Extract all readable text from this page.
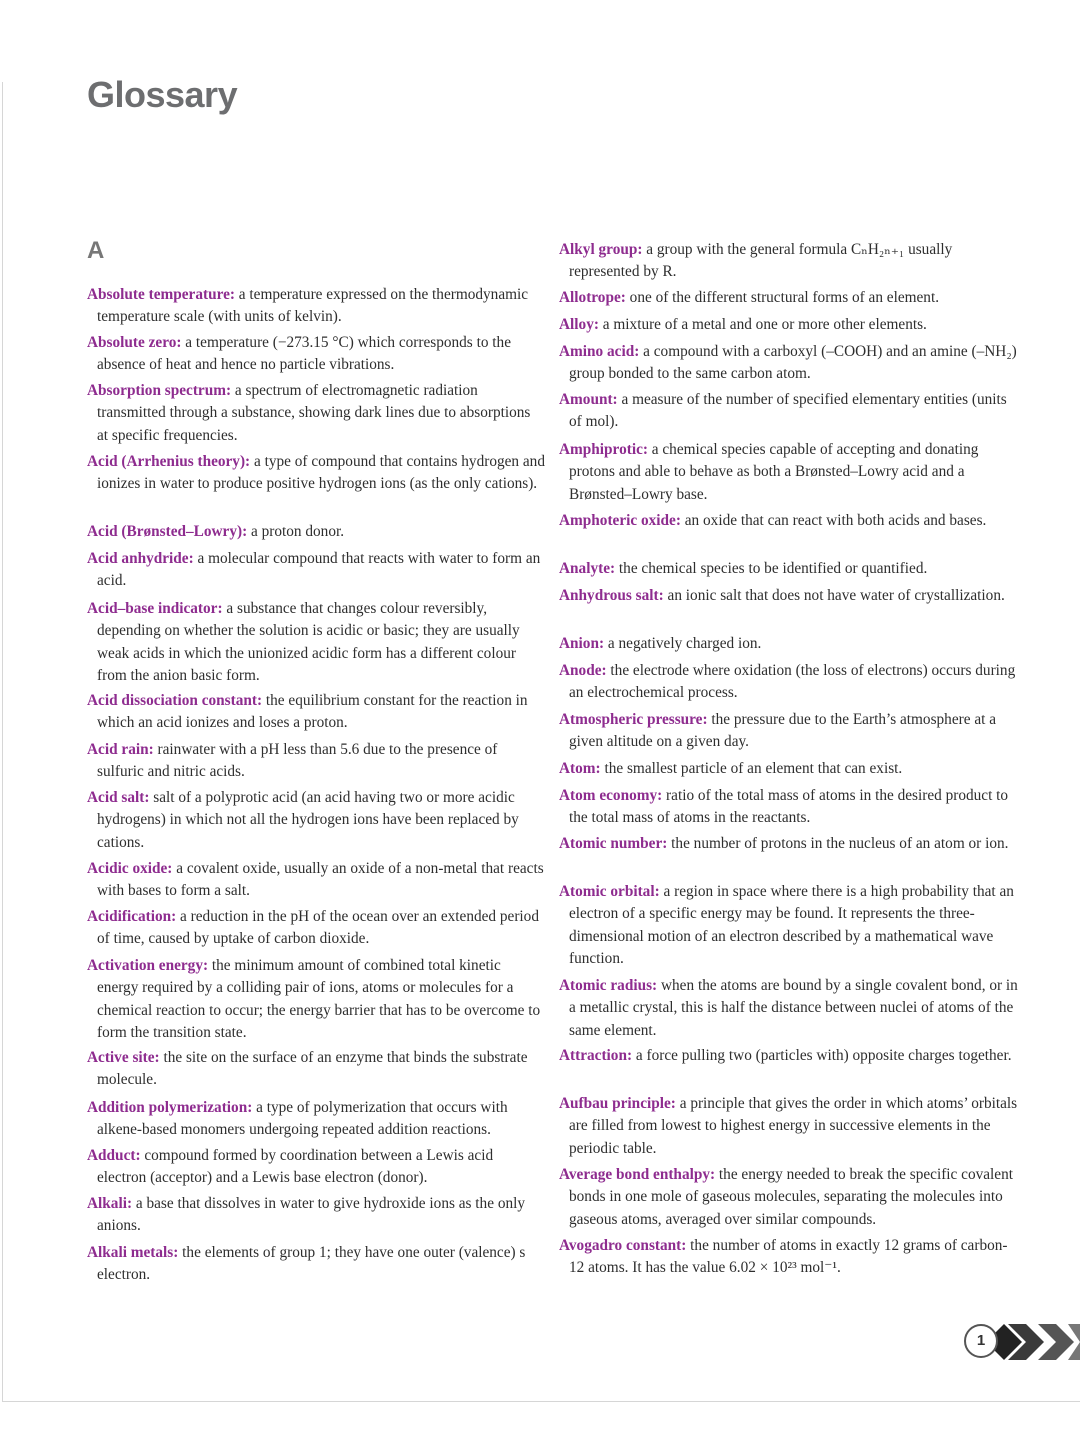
Glossary
A
Absolute temperature: a temperature expressed on the thermodynamic temperature scale (with units of kelvin).
Absolute zero: a temperature (−273.15 °C) which corresponds to the absence of heat and hence no particle vibrations.
Absorption spectrum: a spectrum of electromagnetic radiation transmitted through a substance, showing dark lines due to absorptions at specific frequencies.
Acid (Arrhenius theory): a type of compound that contains hydrogen and ionizes in water to produce positive hydrogen ions (as the only cations).
Acid (Brønsted–Lowry): a proton donor.
Acid anhydride: a molecular compound that reacts with water to form an acid.
Acid–base indicator: a substance that changes colour reversibly, depending on whether the solution is acidic or basic; they are usually weak acids in which the unionized acidic form has a different colour from the anion basic form.
Acid dissociation constant: the equilibrium constant for the reaction in which an acid ionizes and loses a proton.
Acid rain: rainwater with a pH less than 5.6 due to the presence of sulfuric and nitric acids.
Acid salt: salt of a polyprotic acid (an acid having two or more acidic hydrogens) in which not all the hydrogen ions have been replaced by cations.
Acidic oxide: a covalent oxide, usually an oxide of a non-metal that reacts with bases to form a salt.
Acidification: a reduction in the pH of the ocean over an extended period of time, caused by uptake of carbon dioxide.
Activation energy: the minimum amount of combined total kinetic energy required by a colliding pair of ions, atoms or molecules for a chemical reaction to occur; the energy barrier that has to be overcome to form the transition state.
Active site: the site on the surface of an enzyme that binds the substrate molecule.
Addition polymerization: a type of polymerization that occurs with alkene-based monomers undergoing repeated addition reactions.
Adduct: compound formed by coordination between a Lewis acid electron (acceptor) and a Lewis base electron (donor).
Alkali: a base that dissolves in water to give hydroxide ions as the only anions.
Alkali metals: the elements of group 1; they have one outer (valence) s electron.
Alkyl group: a group with the general formula CₙH₂ₙ₊₁ usually represented by R.
Allotrope: one of the different structural forms of an element.
Alloy: a mixture of a metal and one or more other elements.
Amino acid: a compound with a carboxyl (–COOH) and an amine (–NH₂) group bonded to the same carbon atom.
Amount: a measure of the number of specified elementary entities (units of mol).
Amphiprotic: a chemical species capable of accepting and donating protons and able to behave as both a Brønsted–Lowry acid and a Brønsted–Lowry base.
Amphoteric oxide: an oxide that can react with both acids and bases.
Analyte: the chemical species to be identified or quantified.
Anhydrous salt: an ionic salt that does not have water of crystallization.
Anion: a negatively charged ion.
Anode: the electrode where oxidation (the loss of electrons) occurs during an electrochemical process.
Atmospheric pressure: the pressure due to the Earth’s atmosphere at a given altitude on a given day.
Atom: the smallest particle of an element that can exist.
Atom economy: ratio of the total mass of atoms in the desired product to the total mass of atoms in the reactants.
Atomic number: the number of protons in the nucleus of an atom or ion.
Atomic orbital: a region in space where there is a high probability that an electron of a specific energy may be found. It represents the three-dimensional motion of an electron described by a mathematical wave function.
Atomic radius: when the atoms are bound by a single covalent bond, or in a metallic crystal, this is half the distance between nuclei of atoms of the same element.
Attraction: a force pulling two (particles with) opposite charges together.
Aufbau principle: a principle that gives the order in which atoms’ orbitals are filled from lowest to highest energy in successive elements in the periodic table.
Average bond enthalpy: the energy needed to break the specific covalent bonds in one mole of gaseous molecules, separating the molecules into gaseous atoms, averaged over similar compounds.
Avogadro constant: the number of atoms in exactly 12 grams of carbon-12 atoms. It has the value 6.02 × 10²³ mol⁻¹.
1
